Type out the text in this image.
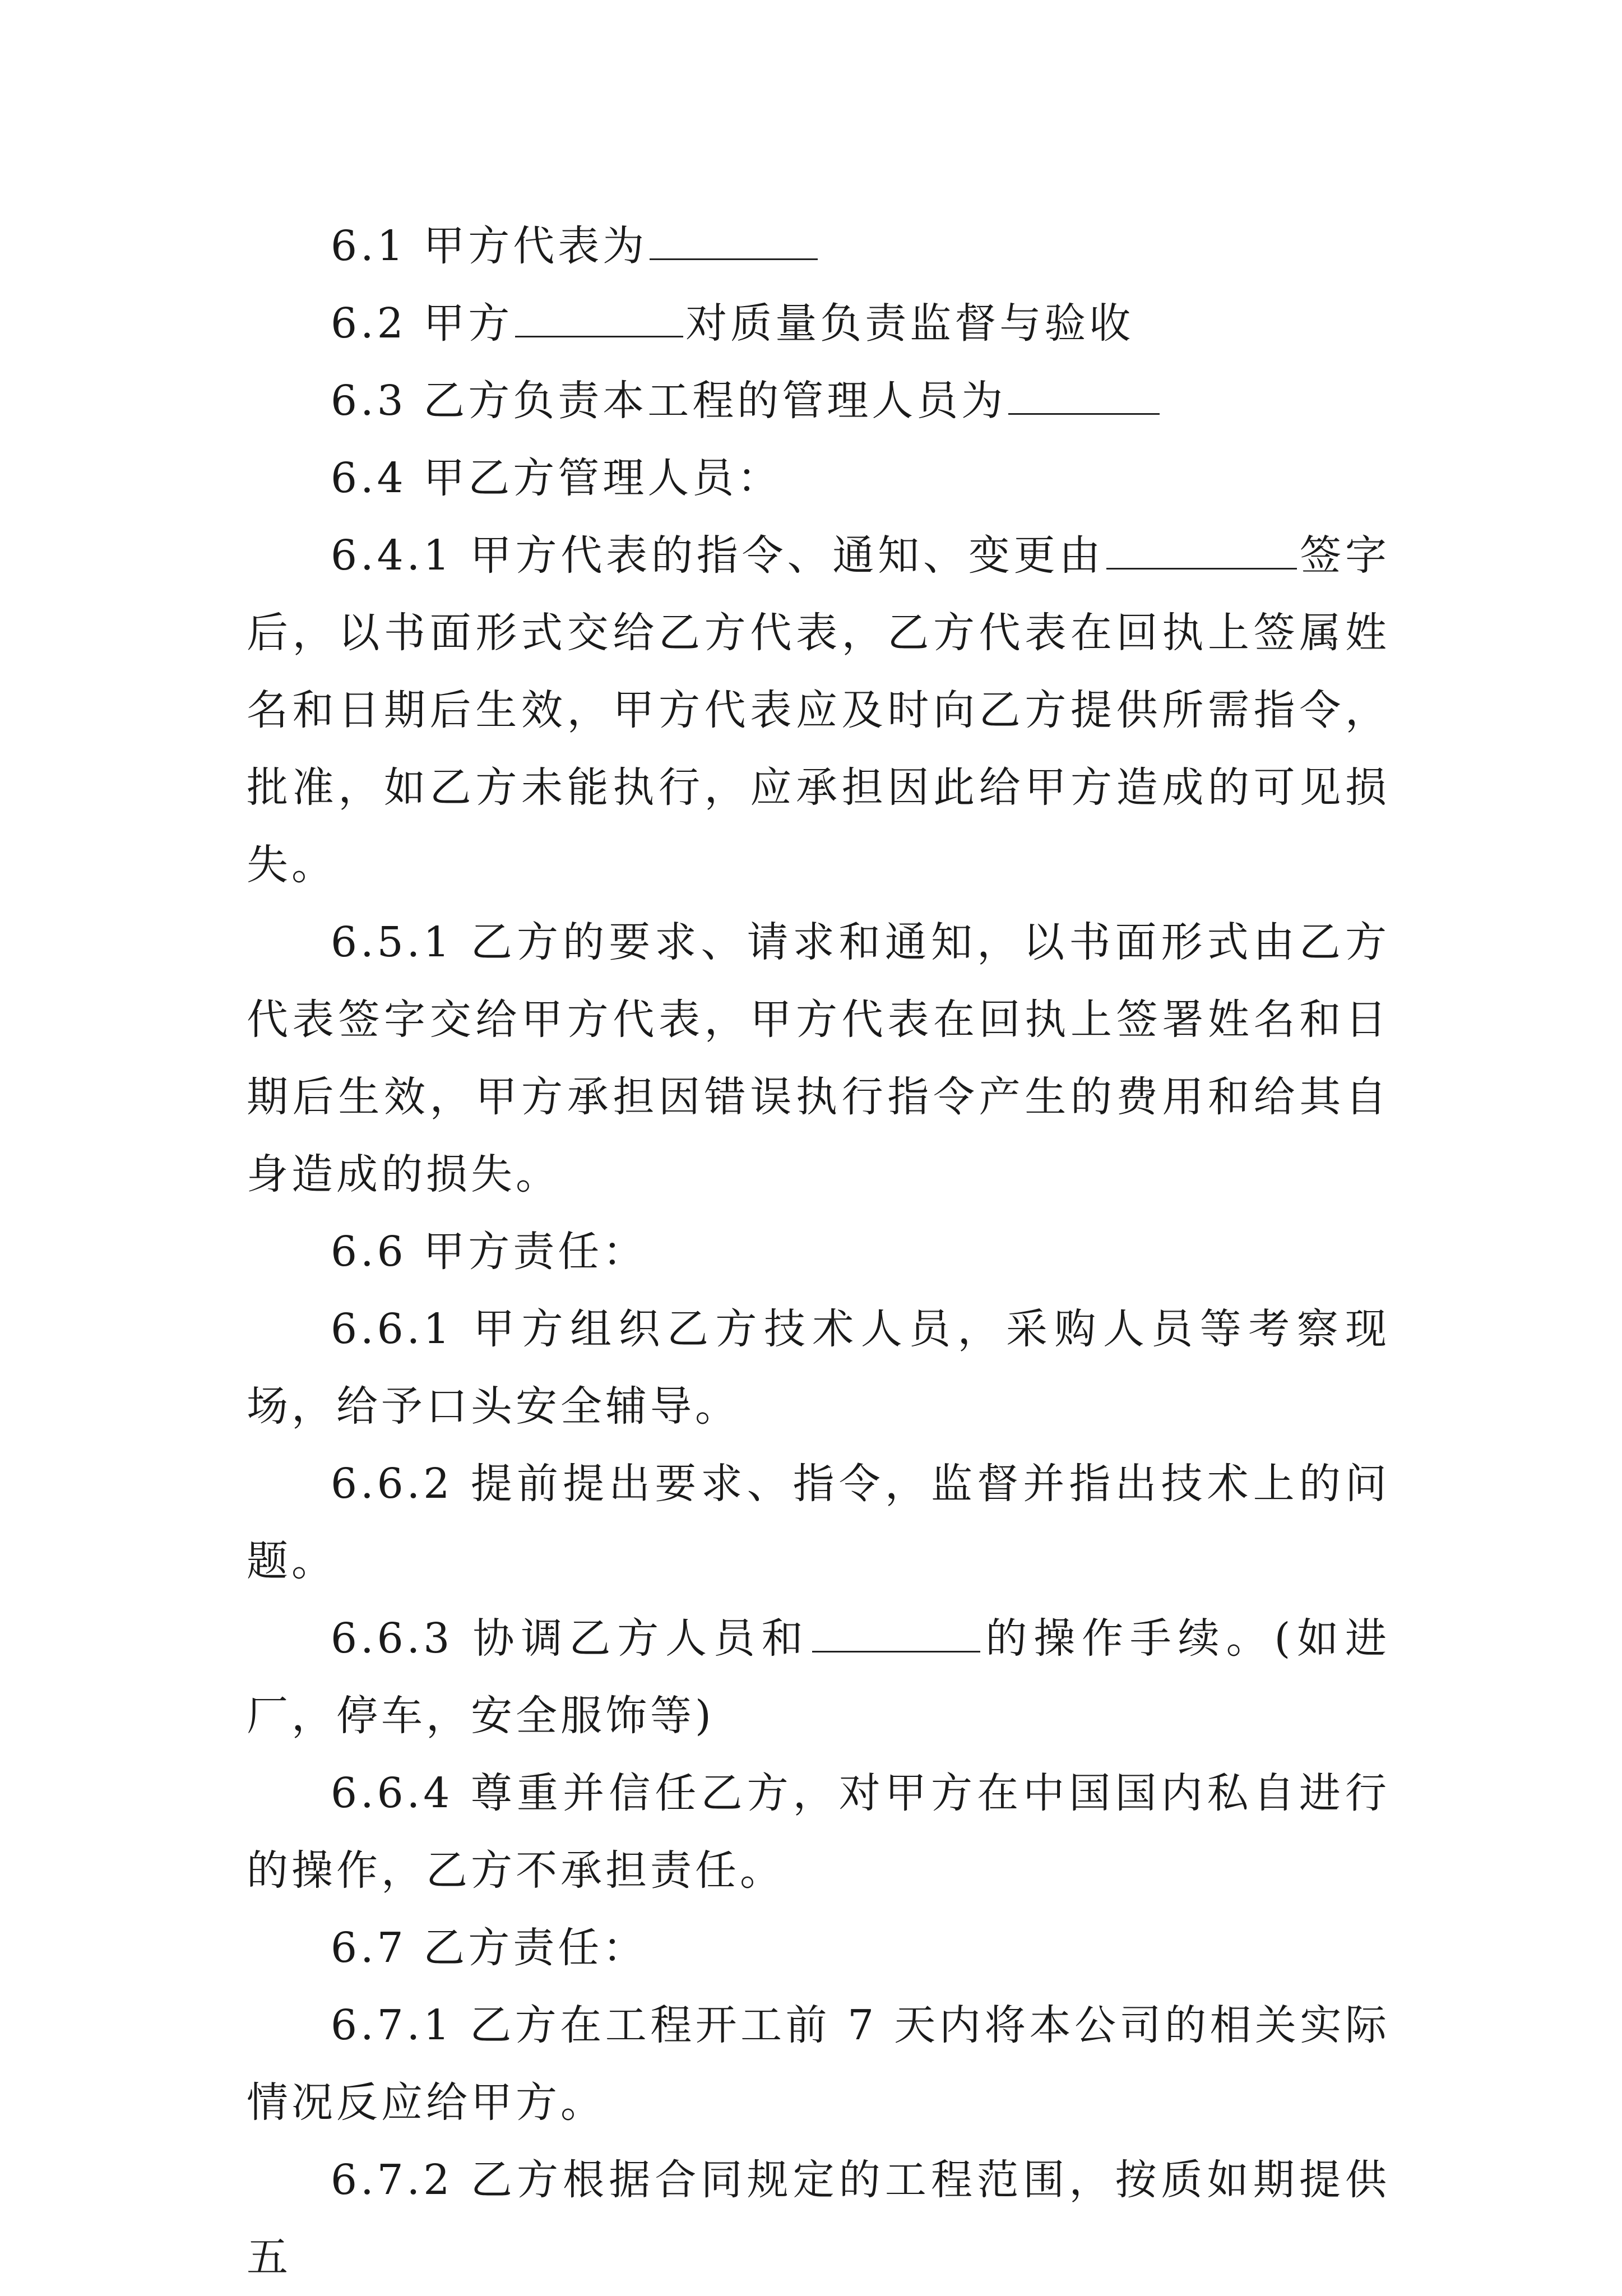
6.1 甲方代表为

6.2 甲方	对质量负责监督与验收

6.3 乙方负责本工程的管理人员为

6.4 甲乙方管理人员：

6.4.1 甲方代表的指令、通知、变更由	签字后，以书面形式交给乙方代表，乙方代表在回执上签属姓名和日期后生效，甲方代表应及时向乙方提供所需指令，批准，如乙方未能执行，应承担因此给甲方造成的可见损失。

6.5.1 乙方的要求、请求和通知，以书面形式由乙方代表签字交给甲方代表，甲方代表在回执上签署姓名和日期后生效，甲方承担因错误执行指令产生的费用和给其自身造成的损失。

6.6 甲方责任：

6.6.1 甲方组织乙方技术人员，采购人员等考察现场，给予口头安全辅导。

6.6.2 提前提出要求、指令，监督并指出技术上的问题。

6.6.3 协调乙方人员和	的操作手续。(如进厂，停车，安全服饰等)

6.6.4 尊重并信任乙方，对甲方在中国国内私自进行的操作，乙方不承担责任。

6.7 乙方责任：

6.7.1 乙方在工程开工前 7 天内将本公司的相关实际情况反应给甲方。

6.7.2 乙方根据合同规定的工程范围，按质如期提供五
